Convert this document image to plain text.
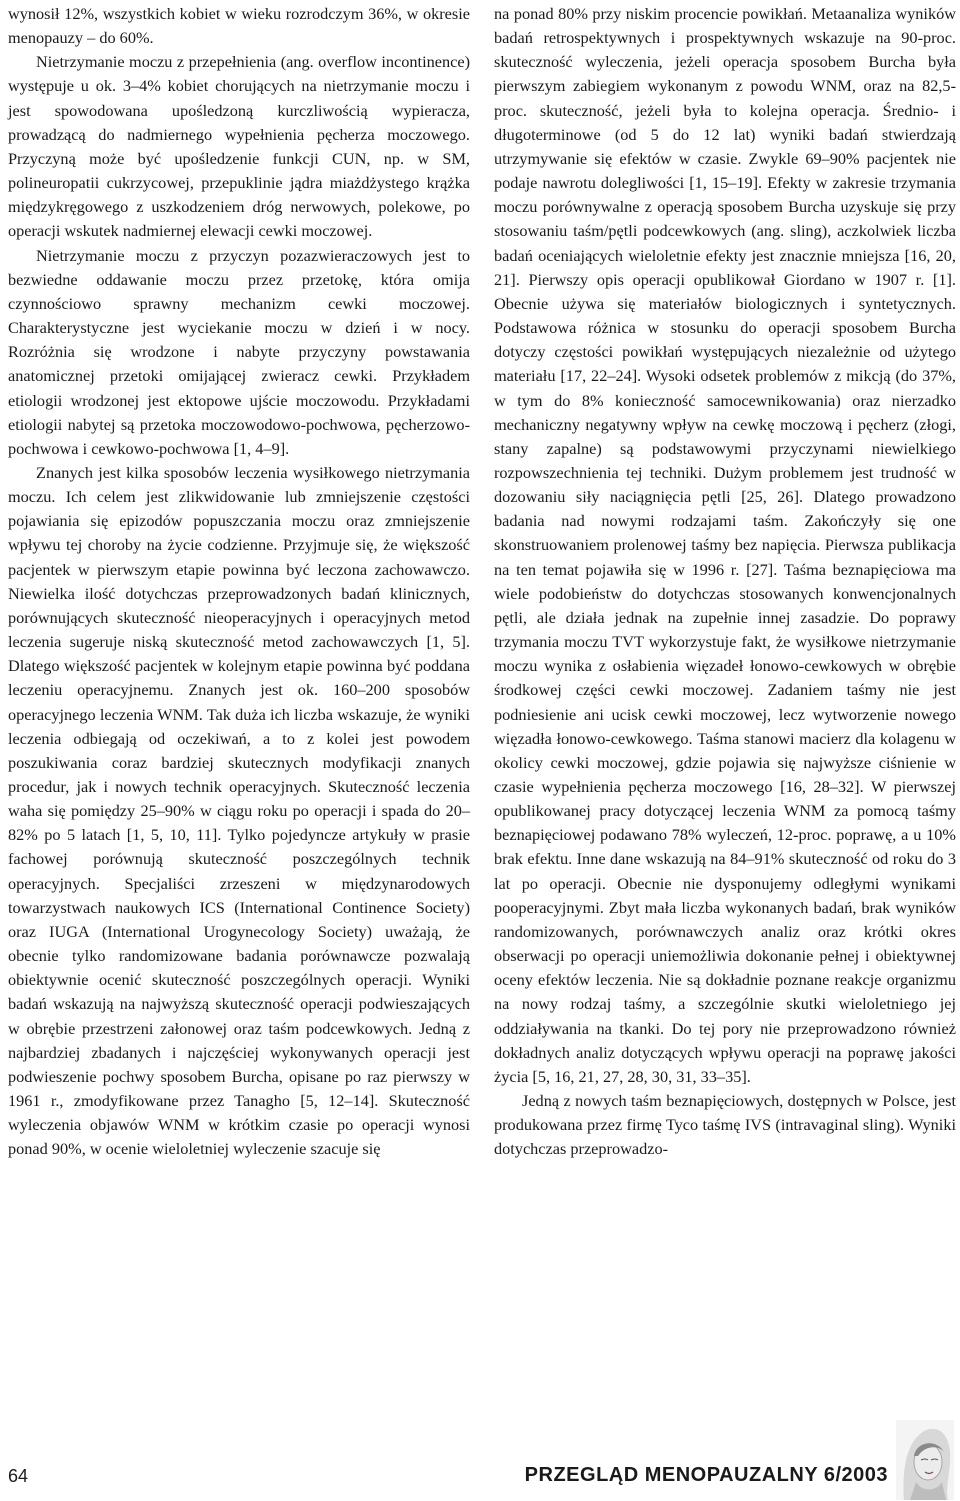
wynosił 12%, wszystkich kobiet w wieku rozrodczym 36%, w okresie menopauzy – do 60%.

Nietrzymanie moczu z przepełnienia (ang. overflow incontinence) występuje u ok. 3–4% kobiet chorujących na nietrzymanie moczu i jest spowodowana upośledzoną kurczliwością wypieracza, prowadzącą do nadmiernego wypełnienia pęcherza moczowego. Przyczyną może być upośledzenie funkcji CUN, np. w SM, polineuropatii cukrzycowej, przepuklinie jądra miażdżystego krążka międzykręgowego z uszkodzeniem dróg nerwowych, polekowe, po operacji wskutek nadmiernej elewacji cewki moczowej.

Nietrzymanie moczu z przyczyn pozazwieraczowych jest to bezwiedne oddawanie moczu przez przetokę, która omija czynnościowo sprawny mechanizm cewki moczowej. Charakterystyczne jest wyciekanie moczu w dzień i w nocy. Rozróżnia się wrodzone i nabyte przyczyny powstawania anatomicznej przetoki omijającej zwieracz cewki. Przykładem etiologii wrodzonej jest ektopowe ujście moczowodu. Przykładami etiologii nabytej są przetoka moczowodowo-pochwowa, pęcherzowo-pochwowa i cewkowo-pochwowa [1, 4–9].

Znanych jest kilka sposobów leczenia wysiłkowego nietrzymania moczu. Ich celem jest zlikwidowanie lub zmniejszenie częstości pojawiania się epizodów popuszczania moczu oraz zmniejszenie wpływu tej choroby na życie codzienne. Przyjmuje się, że większość pacjentek w pierwszym etapie powinna być leczona zachowawczo. Niewielka ilość dotychczas przeprowadzonych badań klinicznych, porównujących skuteczność nieoperacyjnych i operacyjnych metod leczenia sugeruje niską skuteczność metod zachowawczych [1, 5]. Dlatego większość pacjentek w kolejnym etapie powinna być poddana leczeniu operacyjnemu. Znanych jest ok. 160–200 sposobów operacyjnego leczenia WNM. Tak duża ich liczba wskazuje, że wyniki leczenia odbiegają od oczekiwań, a to z kolei jest powodem poszukiwania coraz bardziej skutecznych modyfikacji znanych procedur, jak i nowych technik operacyjnych. Skuteczność leczenia waha się pomiędzy 25–90% w ciągu roku po operacji i spada do 20–82% po 5 latach [1, 5, 10, 11]. Tylko pojedyncze artykuły w prasie fachowej porównują skuteczność poszczególnych technik operacyjnych. Specjaliści zrzeszeni w międzynarodowych towarzystwach naukowych ICS (International Continence Society) oraz IUGA (International Urogynecology Society) uważają, że obecnie tylko randomizowane badania porównawcze pozwalają obiektywnie ocenić skuteczność poszczególnych operacji. Wyniki badań wskazują na najwyższą skuteczność operacji podwieszających w obrębie przestrzeni załonowej oraz taśm podcewkowych. Jedną z najbardziej zbadanych i najczęściej wykonywanych operacji jest podwieszenie pochwy sposobem Burcha, opisane po raz pierwszy w 1961 r., zmodyfikowane przez Tanagho [5, 12–14]. Skuteczność wyleczenia objawów WNM w krótkim czasie po operacji wynosi ponad 90%, w ocenie wieloletniej wyleczenie szacuje się

na ponad 80% przy niskim procencie powikłań. Metaanaliza wyników badań retrospektywnych i prospektywnych wskazuje na 90-proc. skuteczność wyleczenia, jeżeli operacja sposobem Burcha była pierwszym zabiegiem wykonanym z powodu WNM, oraz na 82,5-proc. skuteczność, jeżeli była to kolejna operacja. Średnio- i długoterminowe (od 5 do 12 lat) wyniki badań stwierdzają utrzymywanie się efektów w czasie. Zwykle 69–90% pacjentek nie podaje nawrotu dolegliwości [1, 15–19]. Efekty w zakresie trzymania moczu porównywalne z operacją sposobem Burcha uzyskuje się przy stosowaniu taśm/pętli podcewkowych (ang. sling), aczkolwiek liczba badań oceniających wieloletnie efekty jest znacznie mniejsza [16, 20, 21]. Pierwszy opis operacji opublikował Giordano w 1907 r. [1]. Obecnie używa się materiałów biologicznych i syntetycznych. Podstawowa różnica w stosunku do operacji sposobem Burcha dotyczy częstości powikłań występujących niezależnie od użytego materiału [17, 22–24]. Wysoki odsetek problemów z mikcją (do 37%, w tym do 8% konieczność samocewnikowania) oraz nierzadko mechaniczny negatywny wpływ na cewkę moczową i pęcherz (złogi, stany zapalne) są podstawowymi przyczynami niewielkiego rozpowszechnienia tej techniki. Dużym problemem jest trudność w dozowaniu siły naciągnięcia pętli [25, 26]. Dlatego prowadzono badania nad nowymi rodzajami taśm. Zakończyły się one skonstruowaniem prolenowej taśmy bez napięcia. Pierwsza publikacja na ten temat pojawiła się w 1996 r. [27]. Taśma beznapięciowa ma wiele podobieństw do dotychczas stosowanych konwencjonalnych pętli, ale działa jednak na zupełnie innej zasadzie. Do poprawy trzymania moczu TVT wykorzystuje fakt, że wysiłkowe nietrzymanie moczu wynika z osłabienia więzadeł łonowo-cewkowych w obrębie środkowej części cewki moczowej. Zadaniem taśmy nie jest podniesienie ani ucisk cewki moczowej, lecz wytworzenie nowego więzadła łonowo-cewkowego. Taśma stanowi macierz dla kolagenu w okolicy cewki moczowej, gdzie pojawia się najwyższe ciśnienie w czasie wypełnienia pęcherza moczowego [16, 28–32]. W pierwszej opublikowanej pracy dotyczącej leczenia WNM za pomocą taśmy beznapięciowej podawano 78% wyleczeń, 12-proc. poprawę, a u 10% brak efektu. Inne dane wskazują na 84–91% skuteczność od roku do 3 lat po operacji. Obecnie nie dysponujemy odległymi wynikami pooperacyjnymi. Zbyt mała liczba wykonanych badań, brak wyników randomizowanych, porównawczych analiz oraz krótki okres obserwacji po operacji uniemożliwia dokonanie pełnej i obiektywnej oceny efektów leczenia. Nie są dokładnie poznane reakcje organizmu na nowy rodzaj taśmy, a szczególnie skutki wieloletniego jej oddziaływania na tkanki. Do tej pory nie przeprowadzono również dokładnych analiz dotyczących wpływu operacji na poprawę jakości życia [5, 16, 21, 27, 28, 30, 31, 33–35].

Jedną z nowych taśm beznapięciowych, dostępnych w Polsce, jest produkowana przez firmę Tyco taśmę IVS (intravaginal sling). Wyniki dotychczas przeprowadzo-

64	PRZEGLĄD MENOPAUZALNY 6/2003
